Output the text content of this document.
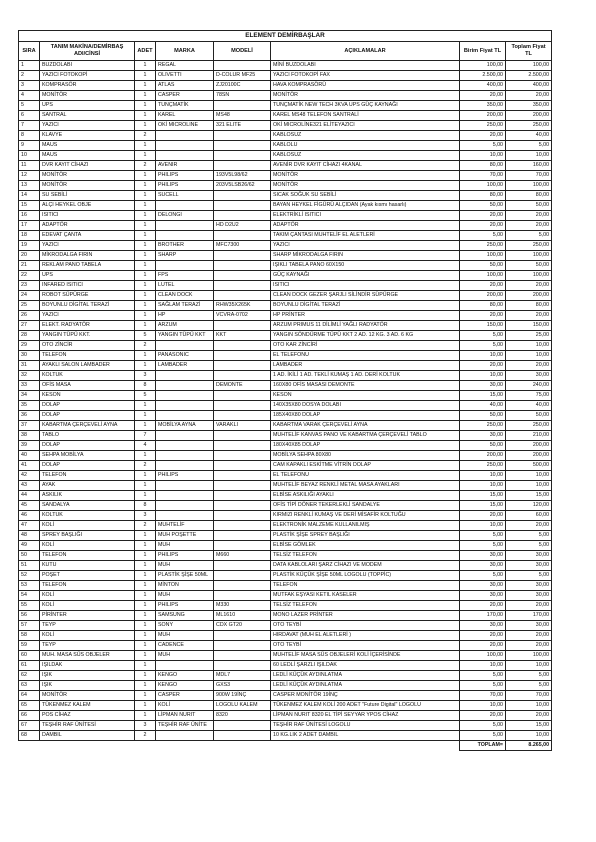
ELEMENT DEMİRBAŞLAR							
SIRA	TANIM MAKİNA/DEMİRBAŞ ADI/CİNSİ	ADET	MARKA	MODELİ	AÇIKLAMALAR	Birim Fiyat TL	Toplam Fiyat TL
1	BUZDOLABI	1	REGAL		MİNİ BUZDOLABI	100,00	100,00
2	YAZICI FOTOKOPİ	1	OLIVETTI	D-COLUR MF25	YAZICI FOTOKOPİ FAX	2.500,00	2.500,00
3	KOMPRASÖR	1	ATLAS	ZJ20100C	HAVA KOMPRASÖRÜ	400,00	400,00
4	MONİTÖR	1	CASPER	78SN	MONİTÖR	20,00	20,00
5	UPS	1	TUNÇMATİK		TUNÇMATİK NEW TECH 3KVA UPS GÜÇ KAYNAĞI	350,00	350,00
6	SANTRAL	1	KAREL	MS48	KAREL MS48 TELEFON SANTRALİ	200,00	200,00
7	YAZICI	1	OKİ MICROLINE	321 ELITE	OKİ MICROLİNE321 ELİTEYAZICI	250,00	250,00
8	KLAVYE	2			KABLOSUZ	20,00	40,00
9	MAUS	1			KABLOLU	5,00	5,00
10	MAUS	1			KABLOSUZ	10,00	10,00
11	DVR KAYIT CİHAZI	2	AVENIR		AVENİR DVR KAYIT CİHAZI 4KANAL	80,00	160,00
12	MONİTÖR	1	PHILIPS	193V5L98/62	MONİTÖR	70,00	70,00
13	MONİTÖR	1	PHILIPS	203V5LSB26/62	MONİTÖR	100,00	100,00
14	SU SEBİLİ	1	SUCELL		SICAK SOĞUK SU SEBİLİ	80,00	80,00
15	ALÇI HEYKEL OBJE	1			BAYAN HEYKEL FİGÜRÜ ALÇIDAN (Ayak kısmı hasarlı)	50,00	50,00
16	ISITICI	1	DELONGI		ELEKTRİKLİ ISITICI	20,00	20,00
17	ADAPTÖR	1		HD D2U2	ADAPTÖR	20,00	20,00
18	EDEVAT ÇANTA	1			TAKIM ÇANTASI MUHTELİF EL ALETLERİ	5,00	5,00
19	YAZICI	1	BROTHER	MFC7300	YAZICI	250,00	250,00
20	MİKRODALGA FIRIN	1	SHARP		SHARP MİKRODALGA FIRIN	100,00	100,00
21	REKLAM PANO TABELA	1			IŞIKLI TABELA PANO 60X150	50,00	50,00
22	UPS	1	FPS		GÜÇ KAYNAĞI	100,00	100,00
23	INFARED ISITICI	1	LUTEL		ISITICI	20,00	20,00
24	ROBOT SÜPÜRGE	1	CLEAN DOCK		CLEAN DOCK GEZER ŞARJLI SİLİNDİR SÜPÜRGE	200,00	200,00
25	BOYUNLU DİGİTAL TERAZİ	1	SAĞLAM TERAZİ	RHW35X265K	BOYUNLU DİGİTAL TERAZİ	80,00	80,00
26	YAZICI	1	HP	VCVRA-0702	HP PRİNTER	20,00	20,00
27	ELEKT. RADYATÖR	1	ARZUM		ARZUM PRIMUS 11 DİLİMLİ YAĞLI RADYATÖR	150,00	150,00
28	YANGIN TÜPÜ KKT.	5	YANGIN TÜPÜ KKT	KKT	YANGIN SÖNDÜRME TÜPÜ KKT 2 AD. 12 KG. 3 AD. 6 KG	5,00	25,00
29	OTO ZİNCİR	2			OTO KAR ZİNCİRİ	5,00	10,00
30	TELEFON	1	PANASONIC		EL TELEFONU	10,00	10,00
31	AYAKLI SALON LAMBADER	1	LAMBADER		LAMBADER	20,00	20,00
32	KOLTUK	3			1 AD. İKİLİ 1 AD. TEKLİ KUMAŞ 1 AD. DERİ KOLTUK	10,00	30,00
33	OFİS MASA	8		DEMONTE	160X80 OFİS MASASI DEMONTE	30,00	240,00
34	KESON	5			KESON	15,00	75,00
35	DOLAP	1			140X35X80 DOSYA DOLABI	40,00	40,00
36	DOLAP	1			185X40X80 DOLAP	50,00	50,00
37	KABARTMA ÇERÇEVELİ AYNA	1	MOBİLYA AYNA	VARAKLI	KABARTMA VARAK ÇERÇEVELİ AYNA	250,00	250,00
38	TABLO	7			MUHTELİF KANVAS PANO VE KABARTMA ÇERÇEVELİ TABLO	30,00	210,00
39	DOLAP	4			180X40X85 DOLAP	50,00	200,00
40	SEHPA MOBİLYA	1			MOBİLYA SEHPA 80X80	200,00	200,00
41	DOLAP	2			CAM KAPAKLI ESKİTME VİTRİN DOLAP	250,00	500,00
42	TELEFON	1	PHILIPS		EL TELEFONU	10,00	10,00
43	AYAK	1			MUHTELİF BEYAZ RENKLİ METAL MASA AYAKLARI	10,00	10,00
44	ASKILIK	1			ELBİSE ASKILIĞI AYAKLI	15,00	15,00
45	SANDALYA	8			OFİS TİPİ DÖNER TEKERLEKLİ SANDALYE	15,00	120,00
46	KOLTUK	3			KIRMIZI RENKLİ KUMAŞ VE DERİ MİSAFİR KOLTUĞU	20,00	60,00
47	KOLİ	2	MUHTELİF		ELEKTRONİK MALZEME KULLANILMIŞ	10,00	20,00
48	SPREY BAŞLIĞI	1	MUH POŞETTE		PLASTİK ŞİŞE SPREY BAŞLIĞI	5,00	5,00
49	KOLİ	1	MUH		ELBİSE GÖMLEK	5,00	5,00
50	TELEFON	1	PHILIPS	M660	TELSİZ TELEFON	30,00	30,00
51	KUTU	1	MUH		DATA KABLOLARI ŞARZ CİHAZI VE MODEM	30,00	30,00
52	POŞET	1	PLASTİK ŞİŞE 50ML		PLASTİK KÜÇÜK ŞİŞE 50ML LOGOLU (TOPPİC)	5,00	5,00
53	TELEFON	1	MİNTON		TELEFON	30,00	30,00
54	KOLİ	1	MUH		MUTFAK EŞYASI KETIL KASELER	30,00	30,00
55	KOLİ	1	PHILIPS	M330	TELSİZ TELEFON	20,00	20,00
56	PİRİNTER	1	SAMSUNG	ML1610	MONO LAZER PRİNTER	170,00	170,00
57	TEYP	1	SONY	CDX GT20	OTO TEYBİ	30,00	30,00
58	KOLİ	1	MUH		HIRDAVAT (MUH EL ALETLERİ )	20,00	20,00
59	TEYP	1	CADENCE		OTO TEYBİ	20,00	20,00
60	MUH. MASA SÜS OBJELER	1	MUH		MUHTELİF MASA SÜS OBJELERİ KOLİ İÇERİSİNDE	100,00	100,00
61	IŞILDAK	1			60 LEDLİ ŞARZLI IŞILDAK	10,00	10,00
62	IŞIK	1	KENGO	MDL7	LEDLİ KÜÇÜK AYDINLATMA	5,00	5,00
63	IŞIK	1	KENGO	GXS3	LEDLİ KÜÇÜK AYDINLATMA	5,00	5,00
64	MONİTÖR	1	CASPER	900W 19İNÇ	CASPER MONİTÖR 19İNÇ	70,00	70,00
65	TÜKENMEZ KALEM	1	KOLİ	LOGOLU KALEM	TÜKENMEZ KALEM KOLİ 200 ADET "Future Digital" LOGOLU	10,00	10,00
66	POS CİHAZ	1	LİPMAN NURIT	8320	LİPMAN NURIT 8320 EL TİPİ SEYYAR YPOS CİHAZ	20,00	20,00
67	TEŞHİR RAF ÜNİTESİ	3	TEŞHİR RAF ÜNİTE		TEŞHİR RAF ÜNİTESİ LOGOLU	5,00	15,00
68	DAMBIL	2			10 KG.LIK 2 ADET DAMBIL	5,00	10,00
						TOPLAM=	8.265,00
